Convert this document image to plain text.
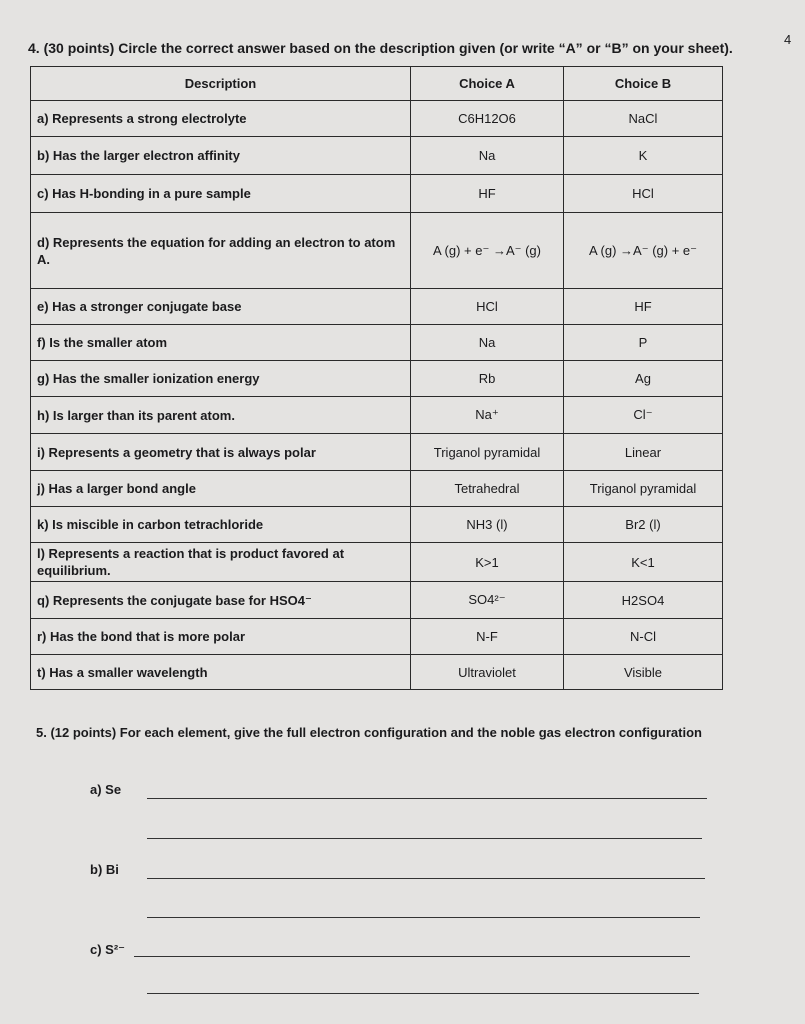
4
4. (30 points) Circle the correct answer based on the description given (or write “A” or “B” on your sheet).
Description	Choice A	Choice B
a) Represents a strong electrolyte	C6H12O6	NaCl
b) Has the larger electron affinity	Na	K
c) Has H-bonding in a pure sample	HF	HCl
d) Represents the equation for adding an electron to atom A.	A (g) + e⁻ →A⁻ (g)	A (g) →A⁻ (g) + e⁻
e) Has a stronger conjugate base	HCl	HF
f) Is the smaller atom	Na	P
g) Has the smaller ionization energy	Rb	Ag
h) Is larger than its parent atom.	Na⁺	Cl⁻
i) Represents a geometry that is always polar	Triganol pyramidal	Linear
j) Has a larger bond angle	Tetrahedral	Triganol pyramidal
k) Is miscible in carbon tetrachloride	NH3 (l)	Br2 (l)
l) Represents a reaction that is product favored at equilibrium.	K>1	K<1
q) Represents the conjugate base for HSO4⁻	SO4²⁻	H2SO4
r) Has the bond that is more polar	N-F	N-Cl
t) Has a smaller wavelength	Ultraviolet	Visible
5. (12 points) For each element, give the full electron configuration and the noble gas electron configuration
a) Se
b) Bi
c) S²⁻
